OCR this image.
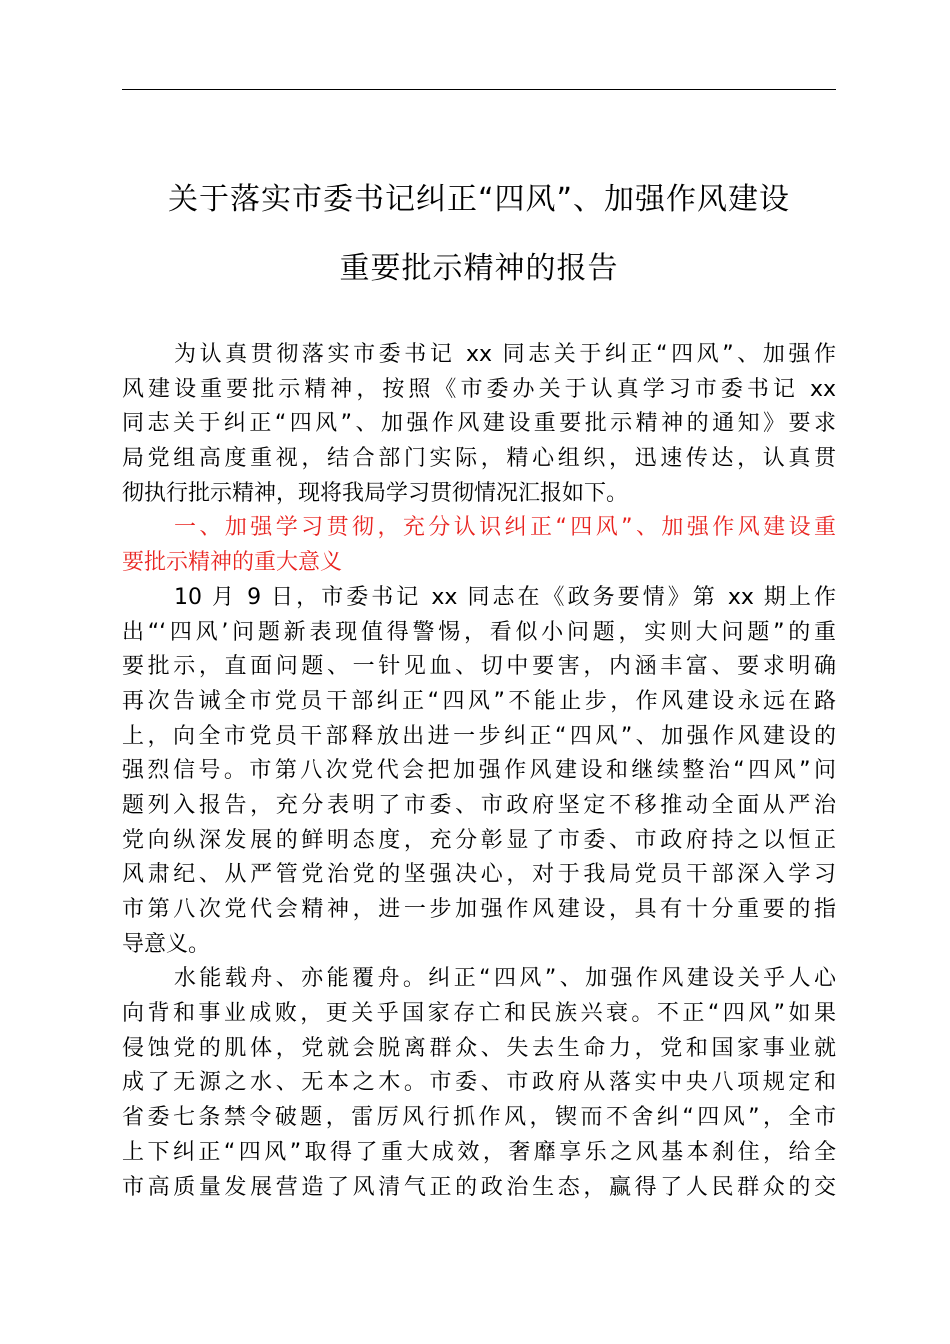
关于落实市委书记纠正“四风”、加强作风建设
重要批示精神的报告
为认真贯彻落实市委书记 xx 同志关于纠正“四风”、加强作
风建设重要批示精神，按照《市委办关于认真学习市委书记 xx
同志关于纠正“四风”、加强作风建设重要批示精神的通知》要求
局党组高度重视，结合部门实际，精心组织，迅速传达，认真贯
彻执行批示精神，现将我局学习贯彻情况汇报如下。
一、加强学习贯彻，充分认识纠正“四风”、加强作风建设重
要批示精神的重大意义
10 月 9 日，市委书记 xx 同志在《政务要情》第 xx 期上作
出“‘四风’问题新表现值得警惕，看似小问题，实则大问题”的重
要批示，直面问题、一针见血、切中要害，内涵丰富、要求明确
再次告诫全市党员干部纠正“四风”不能止步，作风建设永远在路
上，向全市党员干部释放出进一步纠正“四风”、加强作风建设的
强烈信号。市第八次党代会把加强作风建设和继续整治“四风”问
题列入报告，充分表明了市委、市政府坚定不移推动全面从严治
党向纵深发展的鲜明态度，充分彰显了市委、市政府持之以恒正
风肃纪、从严管党治党的坚强决心，对于我局党员干部深入学习
市第八次党代会精神，进一步加强作风建设，具有十分重要的指
导意义。
水能载舟、亦能覆舟。纠正“四风”、加强作风建设关乎人心
向背和事业成败，更关乎国家存亡和民族兴衰。不正“四风”如果
侵蚀党的肌体，党就会脱离群众、失去生命力，党和国家事业就
成了无源之水、无本之木。市委、市政府从落实中央八项规定和
省委七条禁令破题，雷厉风行抓作风，锲而不舍纠“四风”，全市
上下纠正“四风”取得了重大成效，奢靡享乐之风基本刹住，给全
市高质量发展营造了风清气正的政治生态，赢得了人民群众的交
